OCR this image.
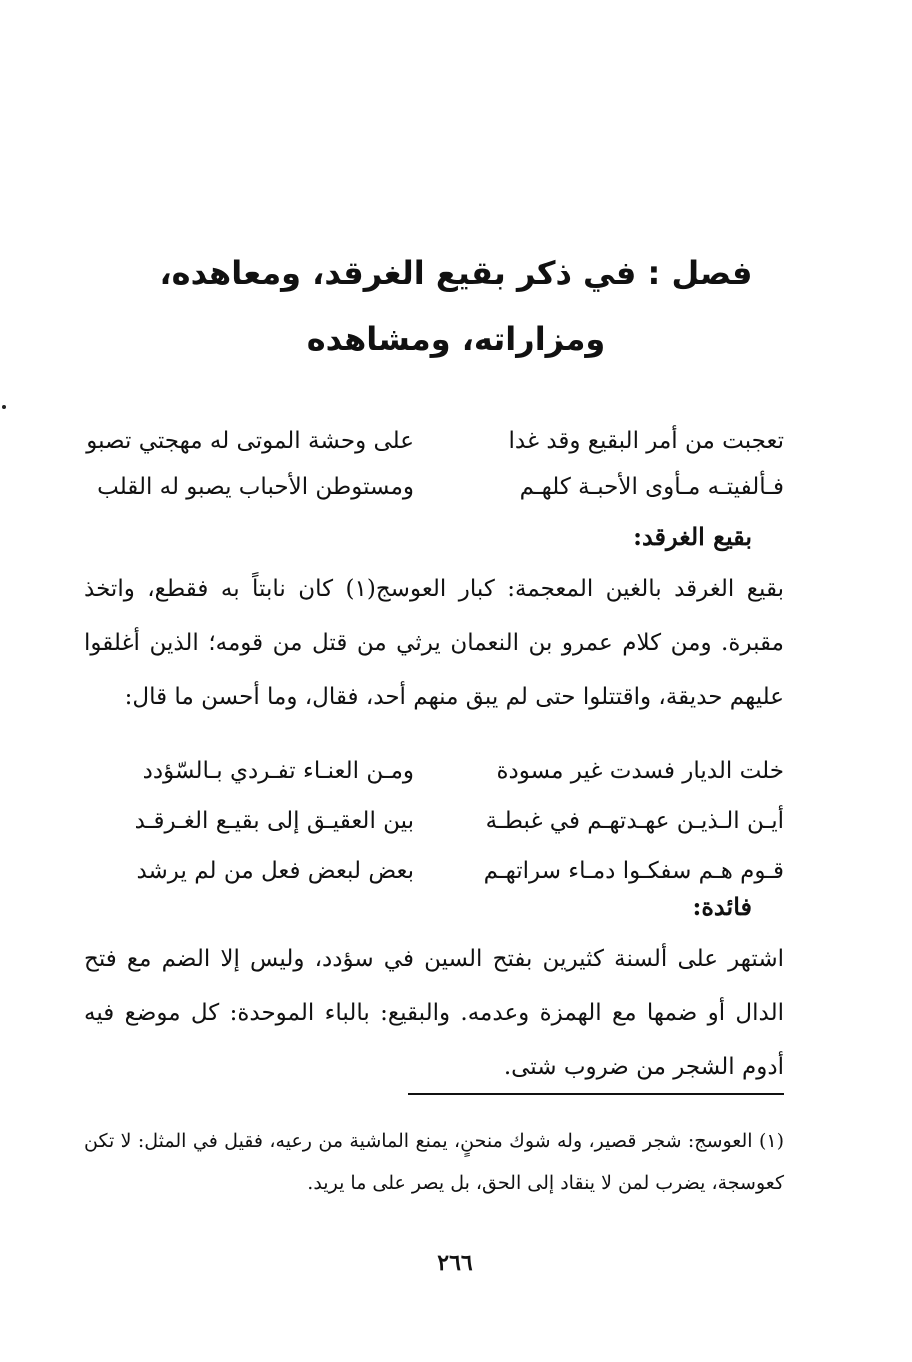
فصل : في ذكر بقيع الغرقد، ومعاهده،
ومزاراته، ومشاهده
تعجبت من أمر البقيع وقد غدا
على وحشة الموتى له مهجتي تصبو
فـألفيتـه مـأوى الأحبـة كلهـم
ومستوطن الأحباب يصبو له القلب
بقيع الغرقد:
بقيع الغرقد بالغين المعجمة: كبار العوسج(١) كان نابتاً به فقطع، واتخذ مقبرة. ومن كلام عمرو بن النعمان يرثي من قتل من قومه؛ الذين أغلقوا عليهم حديقة، واقتتلوا حتى لم يبق منهم أحد، فقال، وما أحسن ما قال:
خلت الديار فسدت غير مسودة
ومـن العنـاء تفـردي بـالسّؤدد
أيـن الـذيـن عهـدتهـم في غبطـة
بين العقيـق إلى بقيـع الغـرقـد
قـوم هـم سفكـوا دمـاء سراتهـم
بعض لبعض فعل من لم يرشد
فائدة:
اشتهر على ألسنة كثيرين بفتح السين في سؤدد، وليس إلا الضم مع فتح الدال أو ضمها مع الهمزة وعدمه. والبقيع: بالباء الموحدة: كل موضع فيه أدوم الشجر من ضروب شتى.
(١) العوسج: شجر قصير، وله شوك منحنٍ، يمنع الماشية من رعيه، فقيل في المثل: لا تكن كعوسجة، يضرب لمن لا ينقاد إلى الحق، بل يصر على ما يريد.
٢٦٦
